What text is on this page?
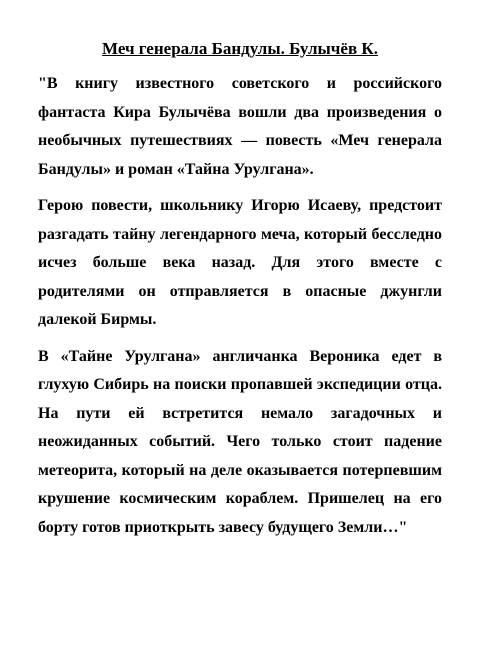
Меч генерала Бандулы. Булычёв К.

"В книгу известного советского и российского фантаста Кира Булычёва вошли два произведения о необычных путешествиях — повесть «Меч генерала Бандулы» и роман «Тайна Урулгана».

Герою повести, школьнику Игорю Исаеву, предстоит разгадать тайну легендарного меча, который бесследно исчез больше века назад. Для этого вместе с родителями он отправляется в опасные джунгли далекой Бирмы.

В «Тайне Урулгана» англичанка Вероника едет в глухую Сибирь на поиски пропавшей экспедиции отца. На пути ей встретится немало загадочных и неожиданных событий. Чего только стоит падение метеорита, который на деле оказывается потерпевшим крушение космическим кораблем. Пришелец на его борту готов приоткрыть завесу будущего Земли…"
